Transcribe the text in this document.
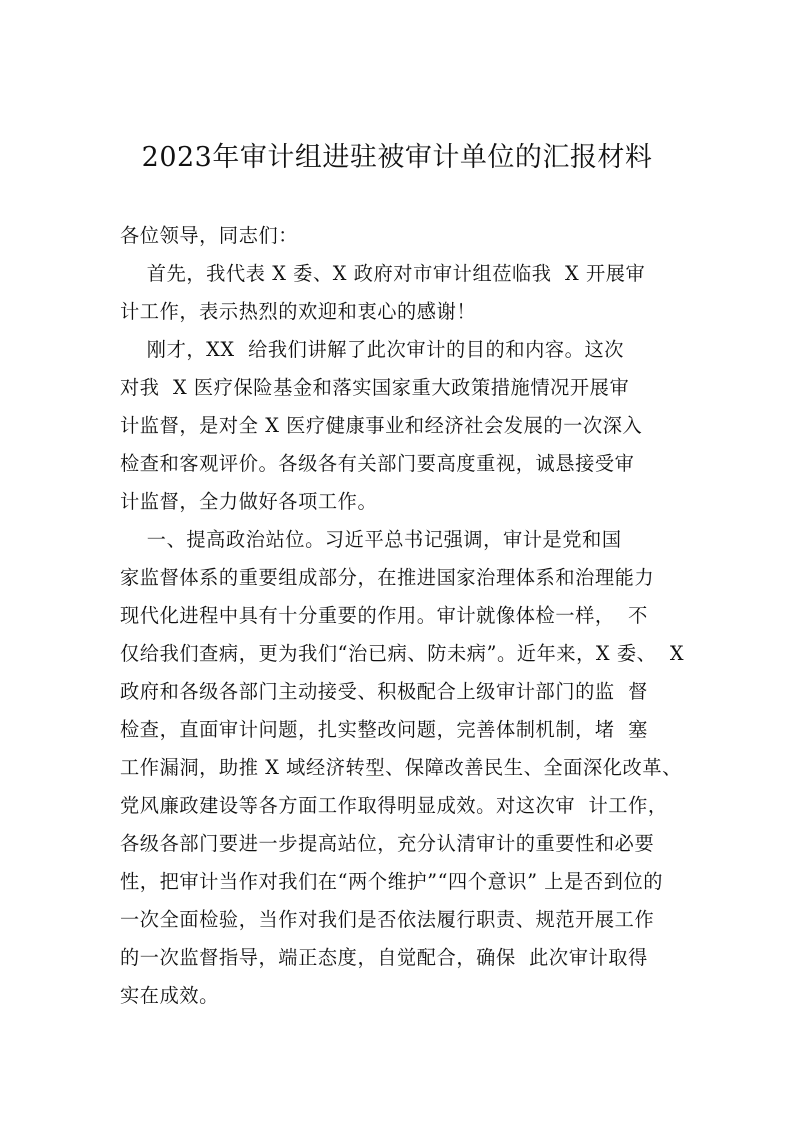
2023年审计组进驻被审计单位的汇报材料
各位领导，同志们：
首先，我代表 X 委、X 政府对市审计组莅临我  X 开展审
计工作，表示热烈的欢迎和衷心的感谢！
刚才，XX  给我们讲解了此次审计的目的和内容。这次
对我  X 医疗保险基金和落实国家重大政策措施情况开展审
计监督，是对全 X 医疗健康事业和经济社会发展的一次深入
检查和客观评价。各级各有关部门要高度重视，诚恳接受审
计监督，全力做好各项工作。
一、提高政治站位。习近平总书记强调，审计是党和国
家监督体系的重要组成部分，在推进国家治理体系和治理能力
现代化进程中具有十分重要的作用。审计就像体检一样，  不
仅给我们查病，更为我们“治已病、防未病”。近年来，X 委、  X
政府和各级各部门主动接受、积极配合上级审计部门的监  督
检查，直面审计问题，扎实整改问题，完善体制机制，堵  塞
工作漏洞，助推 X 域经济转型、保障改善民生、全面深化改革、
党风廉政建设等各方面工作取得明显成效。对这次审  计工作，
各级各部门要进一步提高站位，充分认清审计的重要性和必要
性，把审计当作对我们在“两个维护”“四个意识” 上是否到位的
一次全面检验，当作对我们是否依法履行职责、规范开展工作
的一次监督指导，端正态度，自觉配合，确保  此次审计取得
实在成效。
